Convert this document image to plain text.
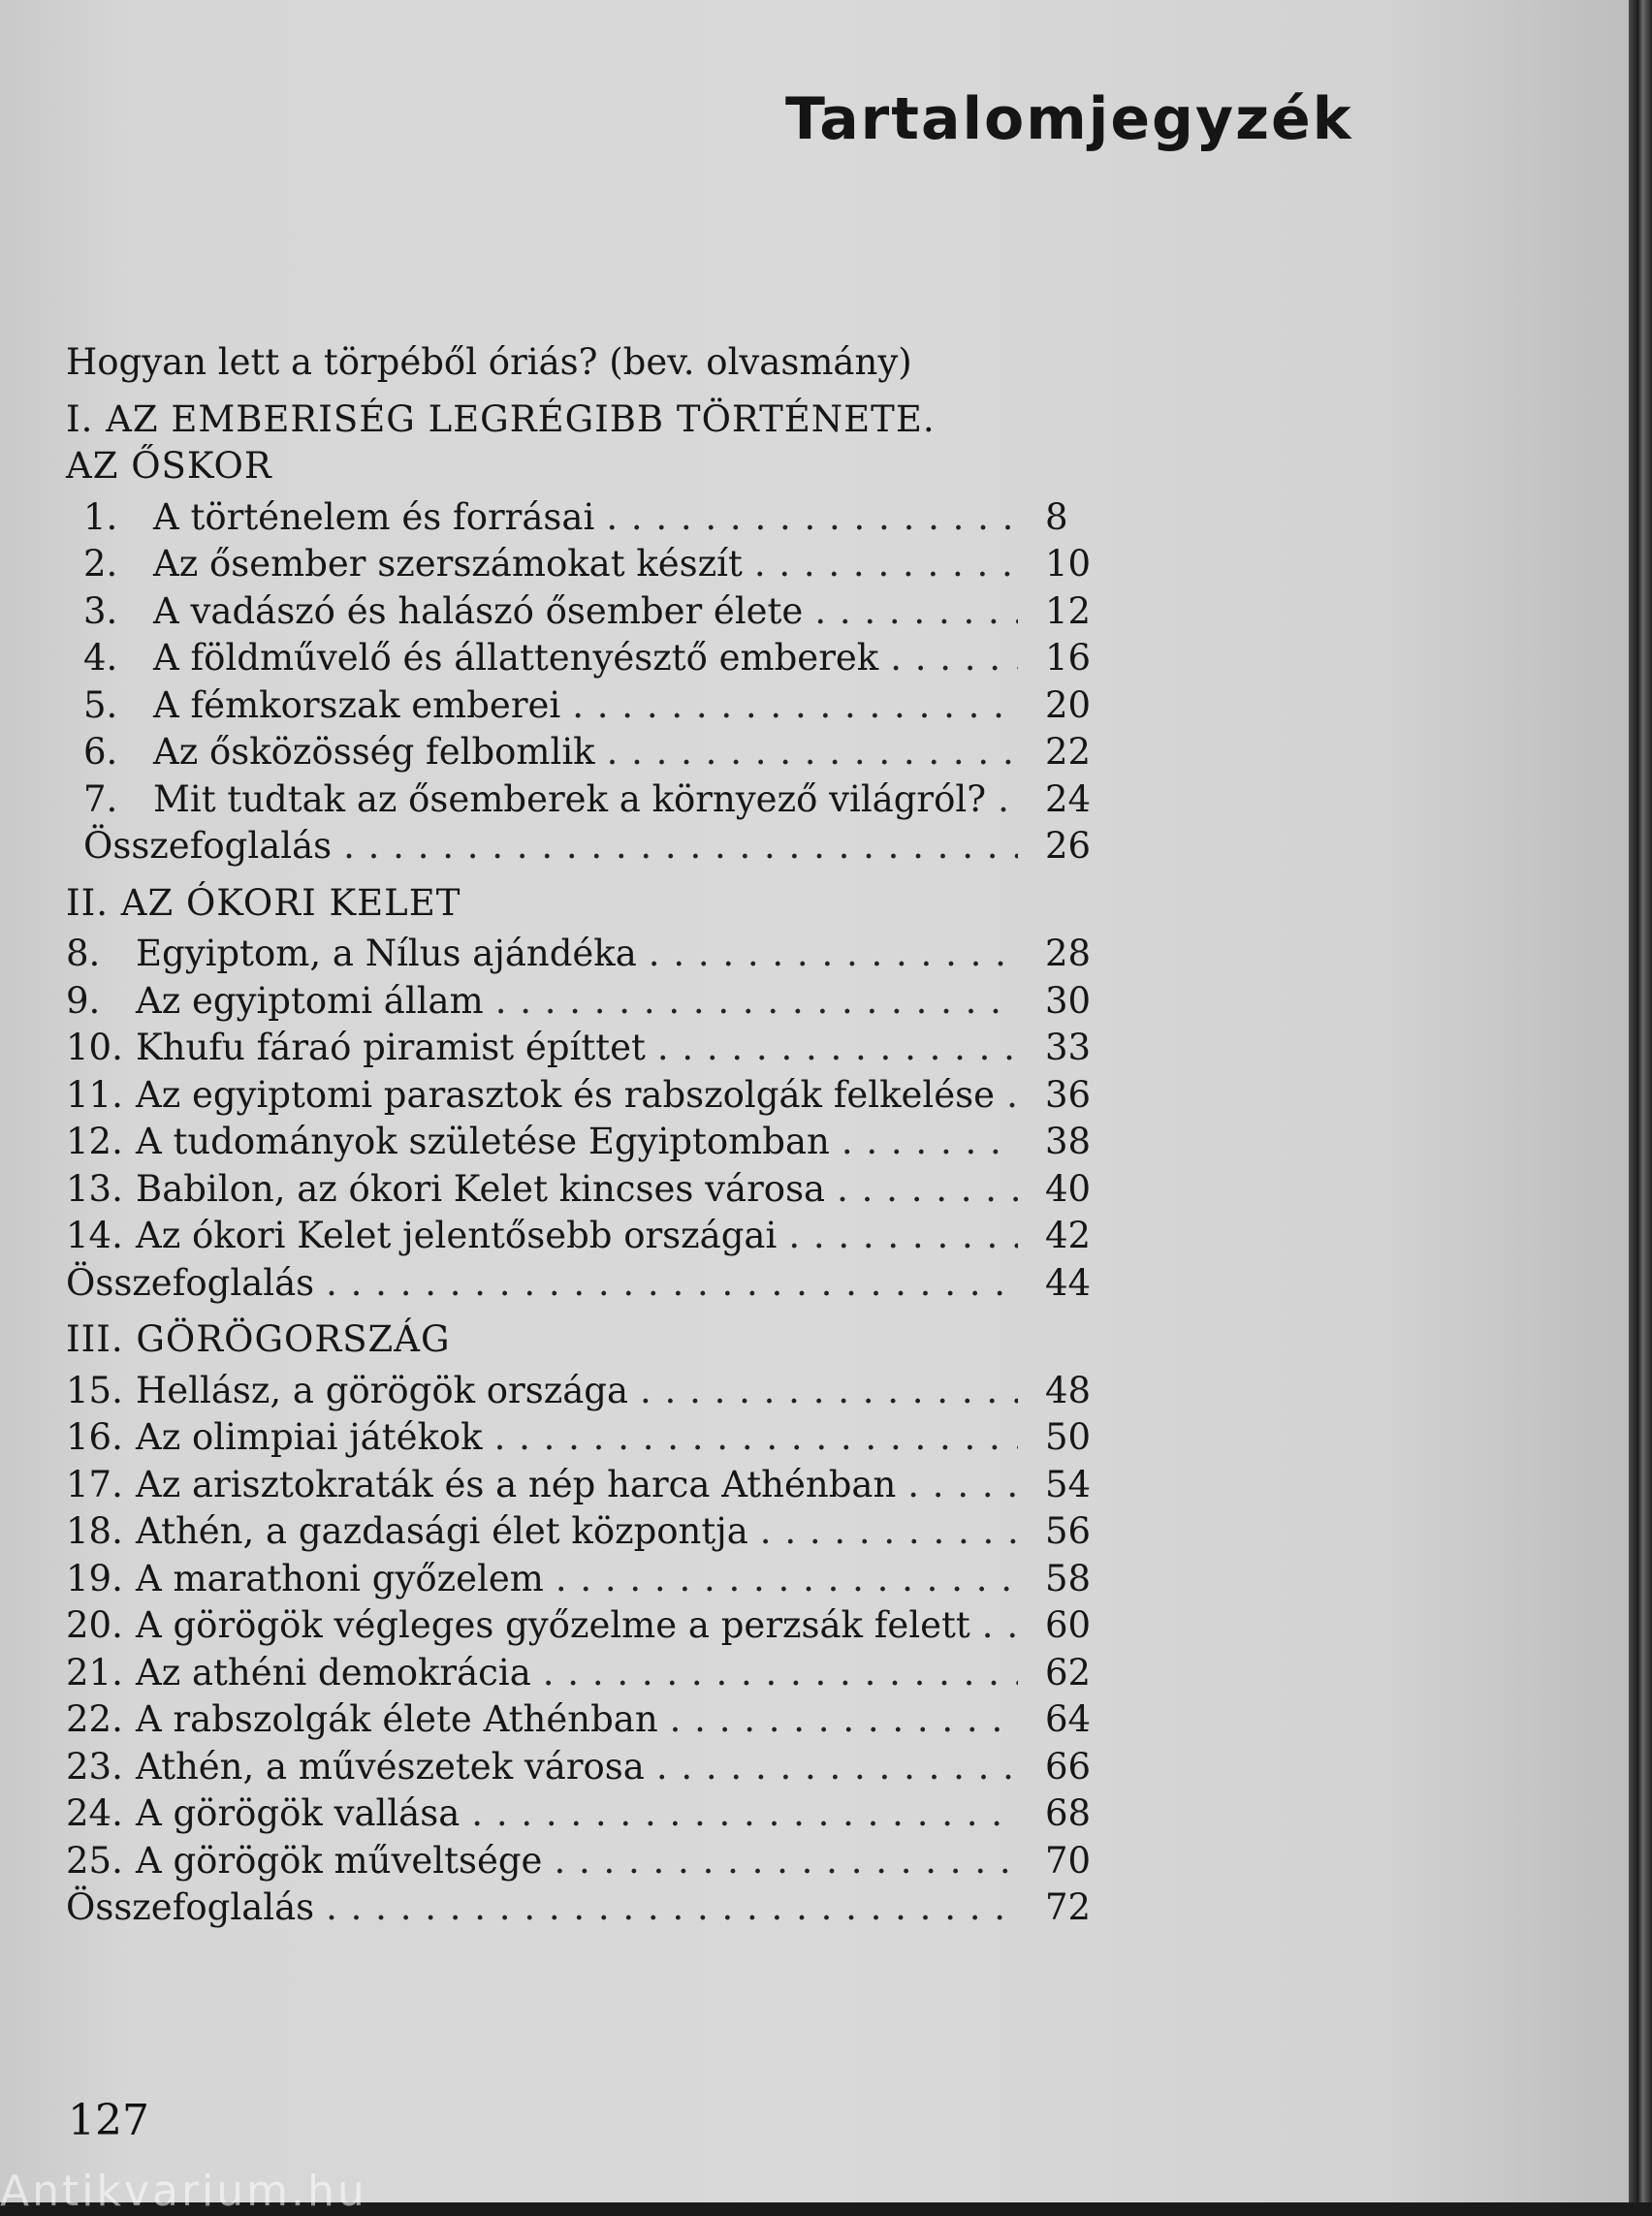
Tartalomjegyzék
Hogyan lett a törpéből óriás? (bev. olvasmány)
I. AZ EMBERISÉG LEGRÉGIBB TÖRTÉNETE.
AZ ŐSKOR
1. A történelem és forrásai . . .	8
2. Az ősember szerszámokat készít . . .	10
3. A vadászó és halászó ősember élete . . .	12
4. A földművelő és állattenyésztő emberek . . .	16
5. A fémkorszak emberei . . .	20
6. Az ősközösség felbomlik . . .	22
7. Mit tudtak az ősemberek a környező világról? . . .	24
Összefoglalás . . .	26
II. AZ ÓKORI KELET
8. Egyiptom, a Nílus ajándéka . . .	28
9. Az egyiptomi állam . . .	30
10. Khufu fáraó piramist építtet . . .	33
11. Az egyiptomi parasztok és rabszolgák felkelése . . .	36
12. A tudományok születése Egyiptomban . . .	38
13. Babilon, az ókori Kelet kincses városa . . .	40
14. Az ókori Kelet jelentősebb országai . . .	42
Összefoglalás . . .	44
III. GÖRÖGORSZÁG
15. Hellász, a görögök országa . . .	48
16. Az olimpiai játékok . . .	50
17. Az arisztokraták és a nép harca Athénban . . .	54
18. Athén, a gazdasági élet központja . . .	56
19. A marathoni győzelem . . .	58
20. A görögök végleges győzelme a perzsák felett . . .	60
21. Az athéni demokrácia . . .	62
22. A rabszolgák élete Athénban . . .	64
23. Athén, a művészetek városa . . .	66
24. A görögök vallása . . .	68
25. A görögök műveltsége . . .	70
Összefoglalás . . .	72
127
Antikvarium.hu
